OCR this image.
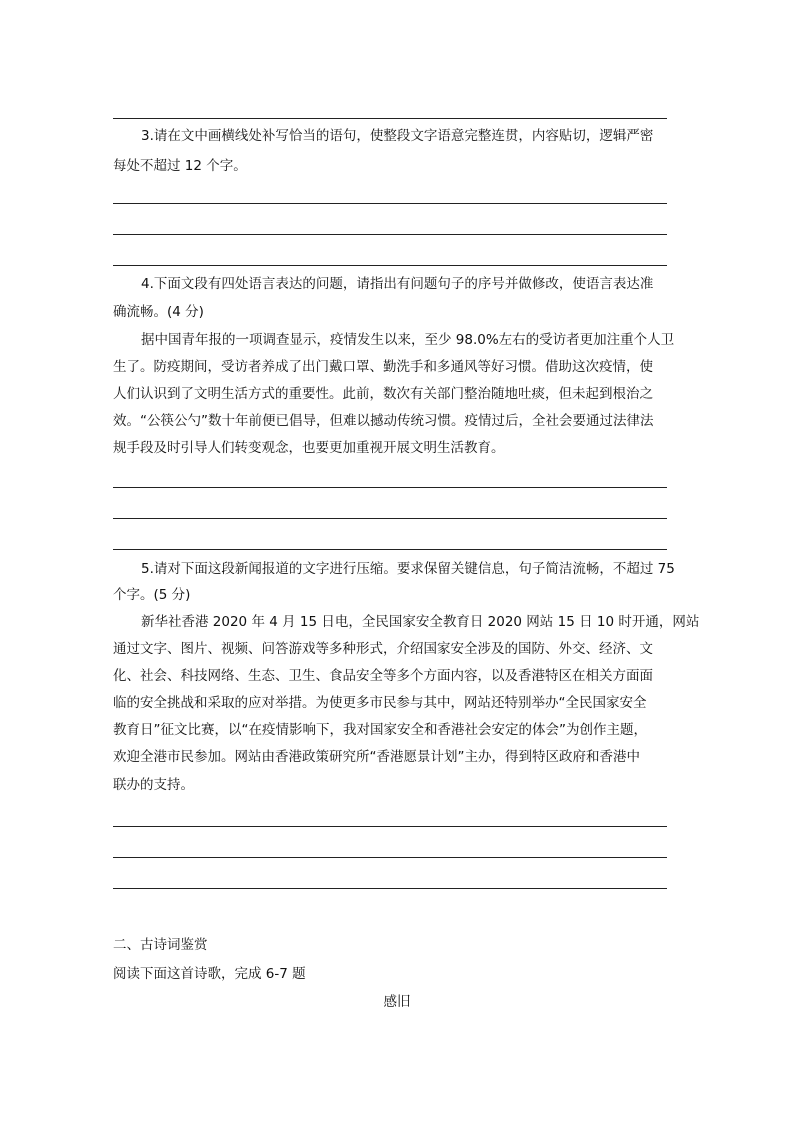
3.请在文中画横线处补写恰当的语句，使整段文字语意完整连贯，内容贴切，逻辑严密
每处不超过 12 个字。
4.下面文段有四处语言表达的问题，请指出有问题句子的序号并做修改，使语言表达准
确流畅。(4 分)
据中国青年报的一项调查显示，疫情发生以来，至少 98.0%左右的受访者更加注重个人卫
生了。防疫期间，受访者养成了出门戴口罩、勤洗手和多通风等好习惯。借助这次疫情，使
人们认识到了文明生活方式的重要性。此前，数次有关部门整治随地吐痰，但未起到根治之
效。“公筷公勺”数十年前便已倡导，但难以撼动传统习惯。疫情过后，全社会要通过法律法
规手段及时引导人们转变观念，也要更加重视开展文明生活教育。
5.请对下面这段新闻报道的文字进行压缩。要求保留关键信息，句子简洁流畅，不超过 75
个字。(5 分)
新华社香港 2020 年 4 月 15 日电，全民国家安全教育日 2020 网站 15 日 10 时开通，网站
通过文字、图片、视频、问答游戏等多种形式，介绍国家安全涉及的国防、外交、经济、文
化、社会、科技网络、生态、卫生、食品安全等多个方面内容，以及香港特区在相关方面面
临的安全挑战和采取的应对举措。为使更多市民参与其中，网站还特别举办“全民国家安全
教育日”征文比赛，以“在疫情影响下，我对国家安全和香港社会安定的体会”为创作主题，
欢迎全港市民参加。网站由香港政策研究所“香港愿景计划”主办，得到特区政府和香港中
联办的支持。
二、古诗词鉴赏
阅读下面这首诗歌，完成 6-7 题
感旧
